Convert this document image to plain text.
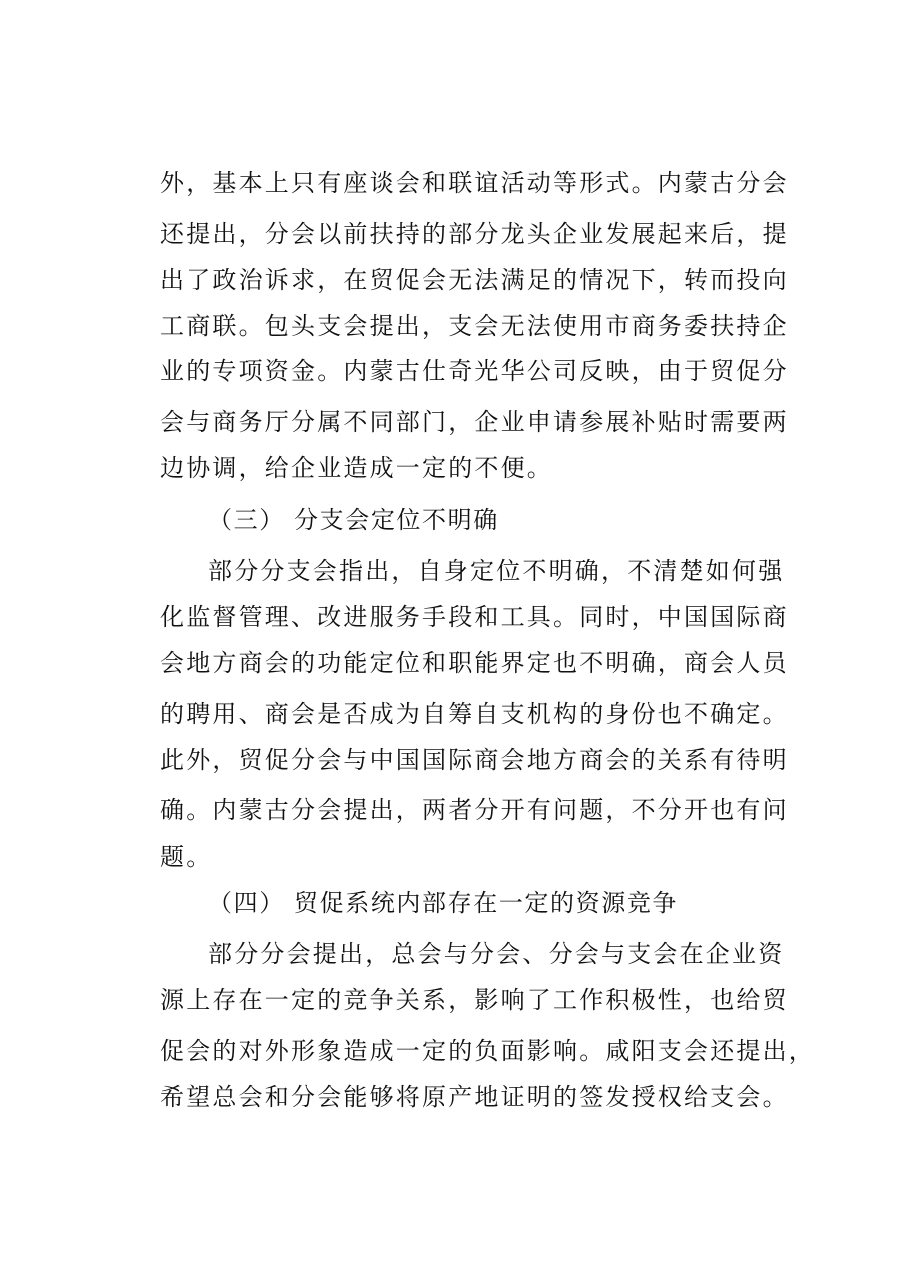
外，基本上只有座谈会和联谊活动等形式。内蒙古分会
还提出，分会以前扶持的部分龙头企业发展起来后，提
出了政治诉求，在贸促会无法满足的情况下，转而投向
工商联。包头支会提出，支会无法使用市商务委扶持企
业的专项资金。内蒙古仕奇光华公司反映，由于贸促分
会与商务厅分属不同部门，企业申请参展补贴时需要两
边协调，给企业造成一定的不便。
（三） 分支会定位不明确
部分分支会指出，自身定位不明确，不清楚如何强
化监督管理、改进服务手段和工具。同时，中国国际商
会地方商会的功能定位和职能界定也不明确，商会人员
的聘用、商会是否成为自筹自支机构的身份也不确定。
此外，贸促分会与中国国际商会地方商会的关系有待明
确。内蒙古分会提出，两者分开有问题，不分开也有问
题。
（四） 贸促系统内部存在一定的资源竞争
部分分会提出，总会与分会、分会与支会在企业资
源上存在一定的竞争关系，影响了工作积极性，也给贸
促会的对外形象造成一定的负面影响。咸阳支会还提出，
希望总会和分会能够将原产地证明的签发授权给支会。
